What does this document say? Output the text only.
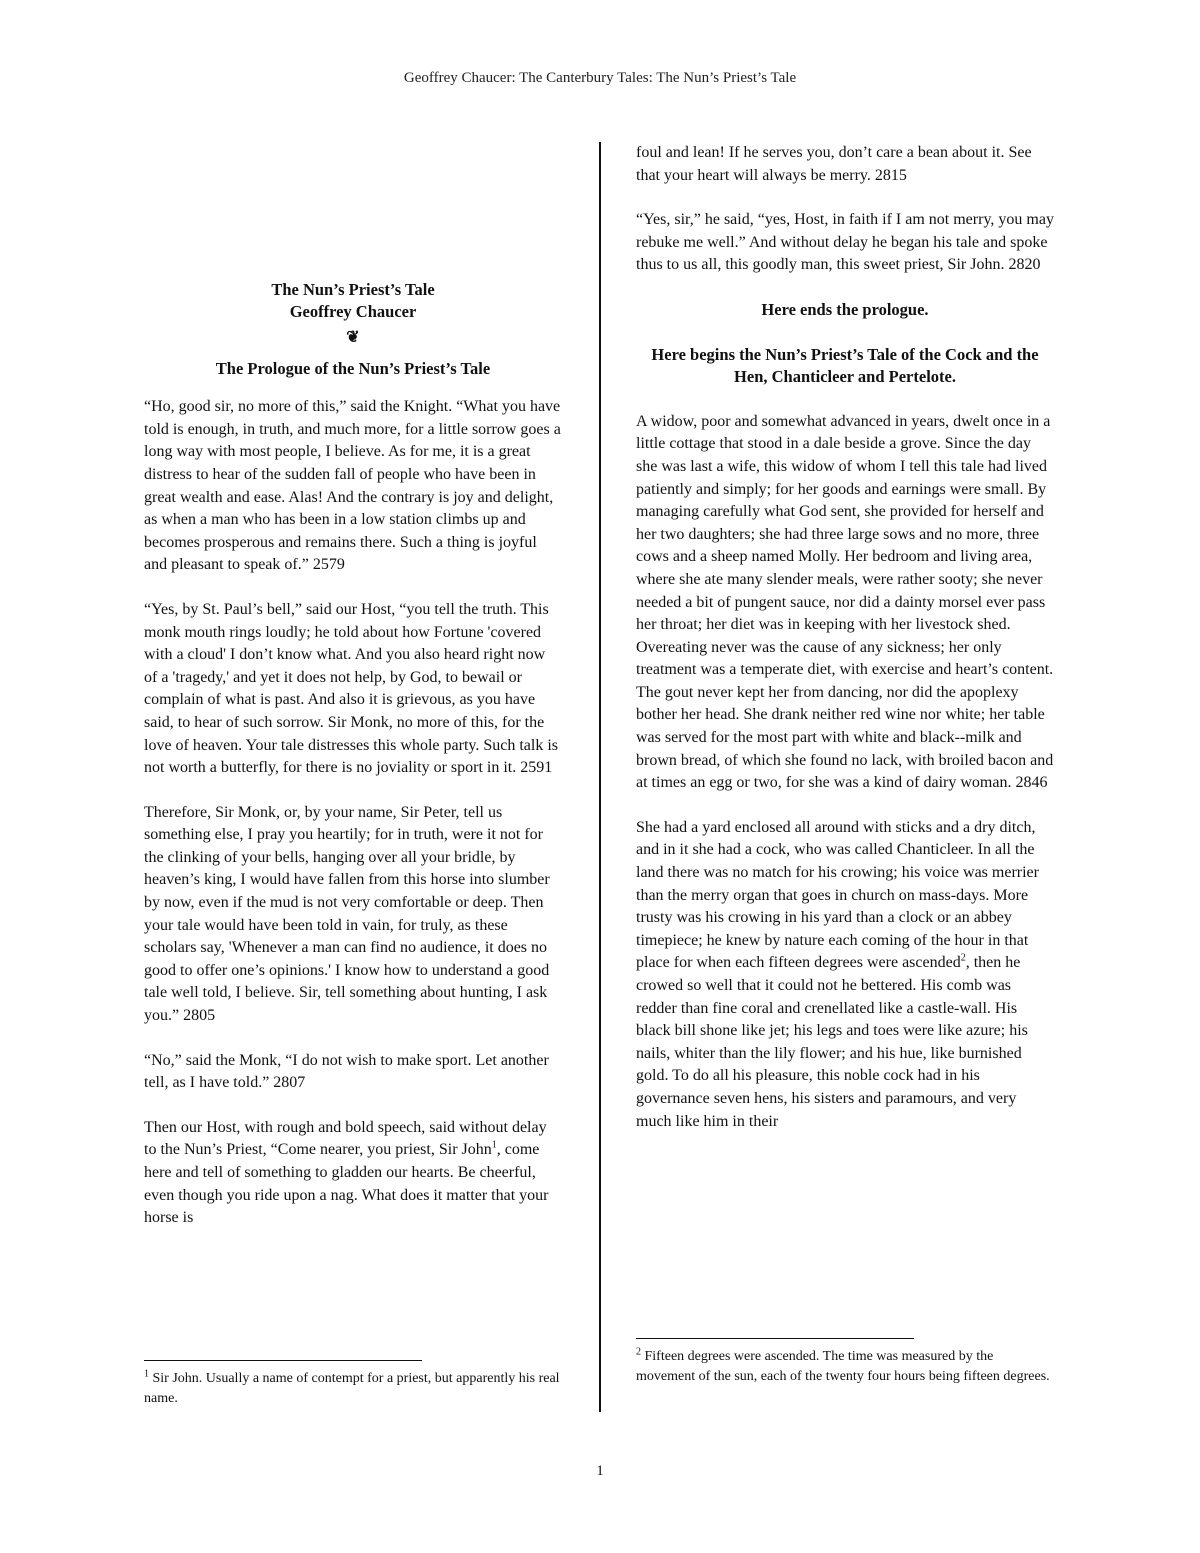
Geoffrey Chaucer: The Canterbury Tales: The Nun’s Priest’s Tale
The Nun’s Priest’s Tale
Geoffrey Chaucer
❦
The Prologue of the Nun’s Priest’s Tale

“Ho, good sir, no more of this,” said the Knight. “What you have told is enough, in truth, and much more, for a little sorrow goes a long way with most people, I believe. As for me, it is a great distress to hear of the sudden fall of people who have been in great wealth and ease. Alas! And the contrary is joy and delight, as when a man who has been in a low station climbs up and becomes prosperous and remains there. Such a thing is joyful and pleasant to speak of.” 2579

“Yes, by St. Paul’s bell,” said our Host, “you tell the truth. This monk mouth rings loudly; he told about how Fortune 'covered with a cloud' I don’t know what. And you also heard right now of a 'tragedy,' and yet it does not help, by God, to bewail or complain of what is past. And also it is grievous, as you have said, to hear of such sorrow. Sir Monk, no more of this, for the love of heaven. Your tale distresses this whole party. Such talk is not worth a butterfly, for there is no joviality or sport in it. 2591

Therefore, Sir Monk, or, by your name, Sir Peter, tell us something else, I pray you heartily; for in truth, were it not for the clinking of your bells, hanging over all your bridle, by heaven’s king, I would have fallen from this horse into slumber by now, even if the mud is not very comfortable or deep. Then your tale would have been told in vain, for truly, as these scholars say, 'Whenever a man can find no audience, it does no good to offer one’s opinions.' I know how to understand a good tale well told, I believe. Sir, tell something about hunting, I ask you.” 2805

“No,” said the Monk, “I do not wish to make sport. Let another tell, as I have told.” 2807

Then our Host, with rough and bold speech, said without delay to the Nun’s Priest, “Come nearer, you priest, Sir John$^1$, come here and tell of something to gladden our hearts. Be cheerful, even though you ride upon a nag. What does it matter that your horse is

$^1$ Sir John. Usually a name of contempt for a priest, but apparently his real name.

foul and lean! If he serves you, don’t care a bean about it. See that your heart will always be merry. 2815

“Yes, sir,” he said, “yes, Host, in faith if I am not merry, you may rebuke me well.” And without delay he began his tale and spoke thus to us all, this goodly man, this sweet priest, Sir John. 2820

Here ends the prologue.
Here begins the Nun’s Priest’s Tale of the Cock and the Hen, Chanticleer and Pertelote.

A widow, poor and somewhat advanced in years, dwelt once in a little cottage that stood in a dale beside a grove. Since the day she was last a wife, this widow of whom I tell this tale had lived patiently and simply; for her goods and earnings were small. By managing carefully what God sent, she provided for herself and her two daughters; she had three large sows and no more, three cows and a sheep named Molly. Her bedroom and living area, where she ate many slender meals, were rather sooty; she never needed a bit of pungent sauce, nor did a dainty morsel ever pass her throat; her diet was in keeping with her livestock shed. Overeating never was the cause of any sickness; her only treatment was a temperate diet, with exercise and heart’s content. The gout never kept her from dancing, nor did the apoplexy bother her head. She drank neither red wine nor white; her table was served for the most part with white and black--milk and brown bread, of which she found no lack, with broiled bacon and at times an egg or two, for she was a kind of dairy woman. 2846

She had a yard enclosed all around with sticks and a dry ditch, and in it she had a cock, who was called Chanticleer. In all the land there was no match for his crowing; his voice was merrier than the merry organ that goes in church on mass-days. More trusty was his crowing in his yard than a clock or an abbey timepiece; he knew by nature each coming of the hour in that place for when each fifteen degrees were ascended$^2$, then he crowed so well that it could not he bettered. His comb was redder than fine coral and crenellated like a castle-wall. His black bill shone like jet; his legs and toes were like azure; his nails, whiter than the lily flower; and his hue, like burnished gold. To do all his pleasure, this noble cock had in his governance seven hens, his sisters and paramours, and very much like him in their

$^2$ Fifteen degrees were ascended. The time was measured by the movement of the sun, each of the twenty four hours being fifteen degrees.
1
